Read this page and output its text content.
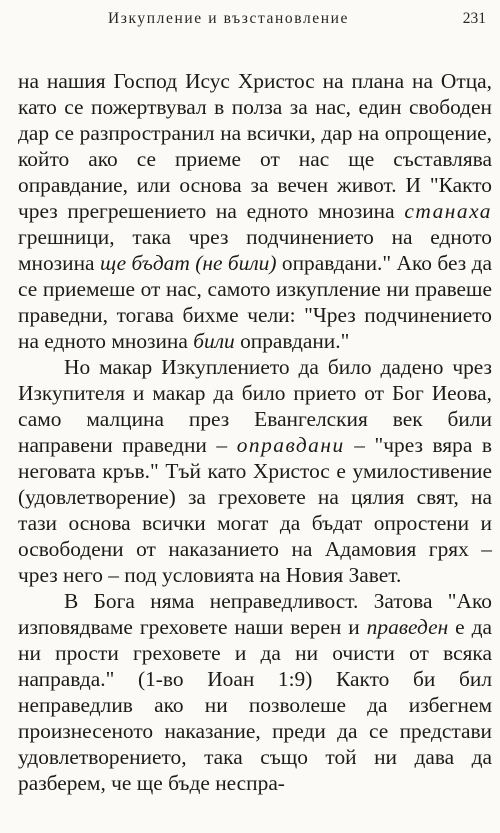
Изкупление и възстановление	231

на нашия Господ Исус Христос на плана на Отца, като се пожертвувал в полза за нас, един свободен дар се разпространил на всички, дар на опрощение, който ако се приеме от нас ще съставлява оправдание, или основа за вечен живот. И "Както чрез прегрешението на едното мнозина станаха грешници, така чрез подчинението на едното мнозина ще бъдат (не били) оправдани." Ако без да се приемеше от нас, самото изкупление ни правеше праведни, тогава бихме чели: "Чрез подчинението на едното мнозина били оправдани."

Но макар Изкуплението да било дадено чрез Изкупителя и макар да било прието от Бог Иеова, само малцина през Евангелския век били направени праведни – оправдани – "чрез вяра в неговата кръв." Тъй като Христос е умилостивение (удовлетворение) за греховете на цялия свят, на тази основа всички могат да бъдат опростени и освободени от наказанието на Адамовия грях – чрез него – под условията на Новия Завет.

В Бога няма неправедливост. Затова "Ако изповядваме греховете наши верен и праведен е да ни прости греховете и да ни очисти от всяка направда." (1-во Иоан 1:9) Както би бил неправедлив ако ни позволеше да избегнем произнесеното наказание, преди да се представи удовлетворението, така също той ни дава да разберем, че ще бъде неспра-
